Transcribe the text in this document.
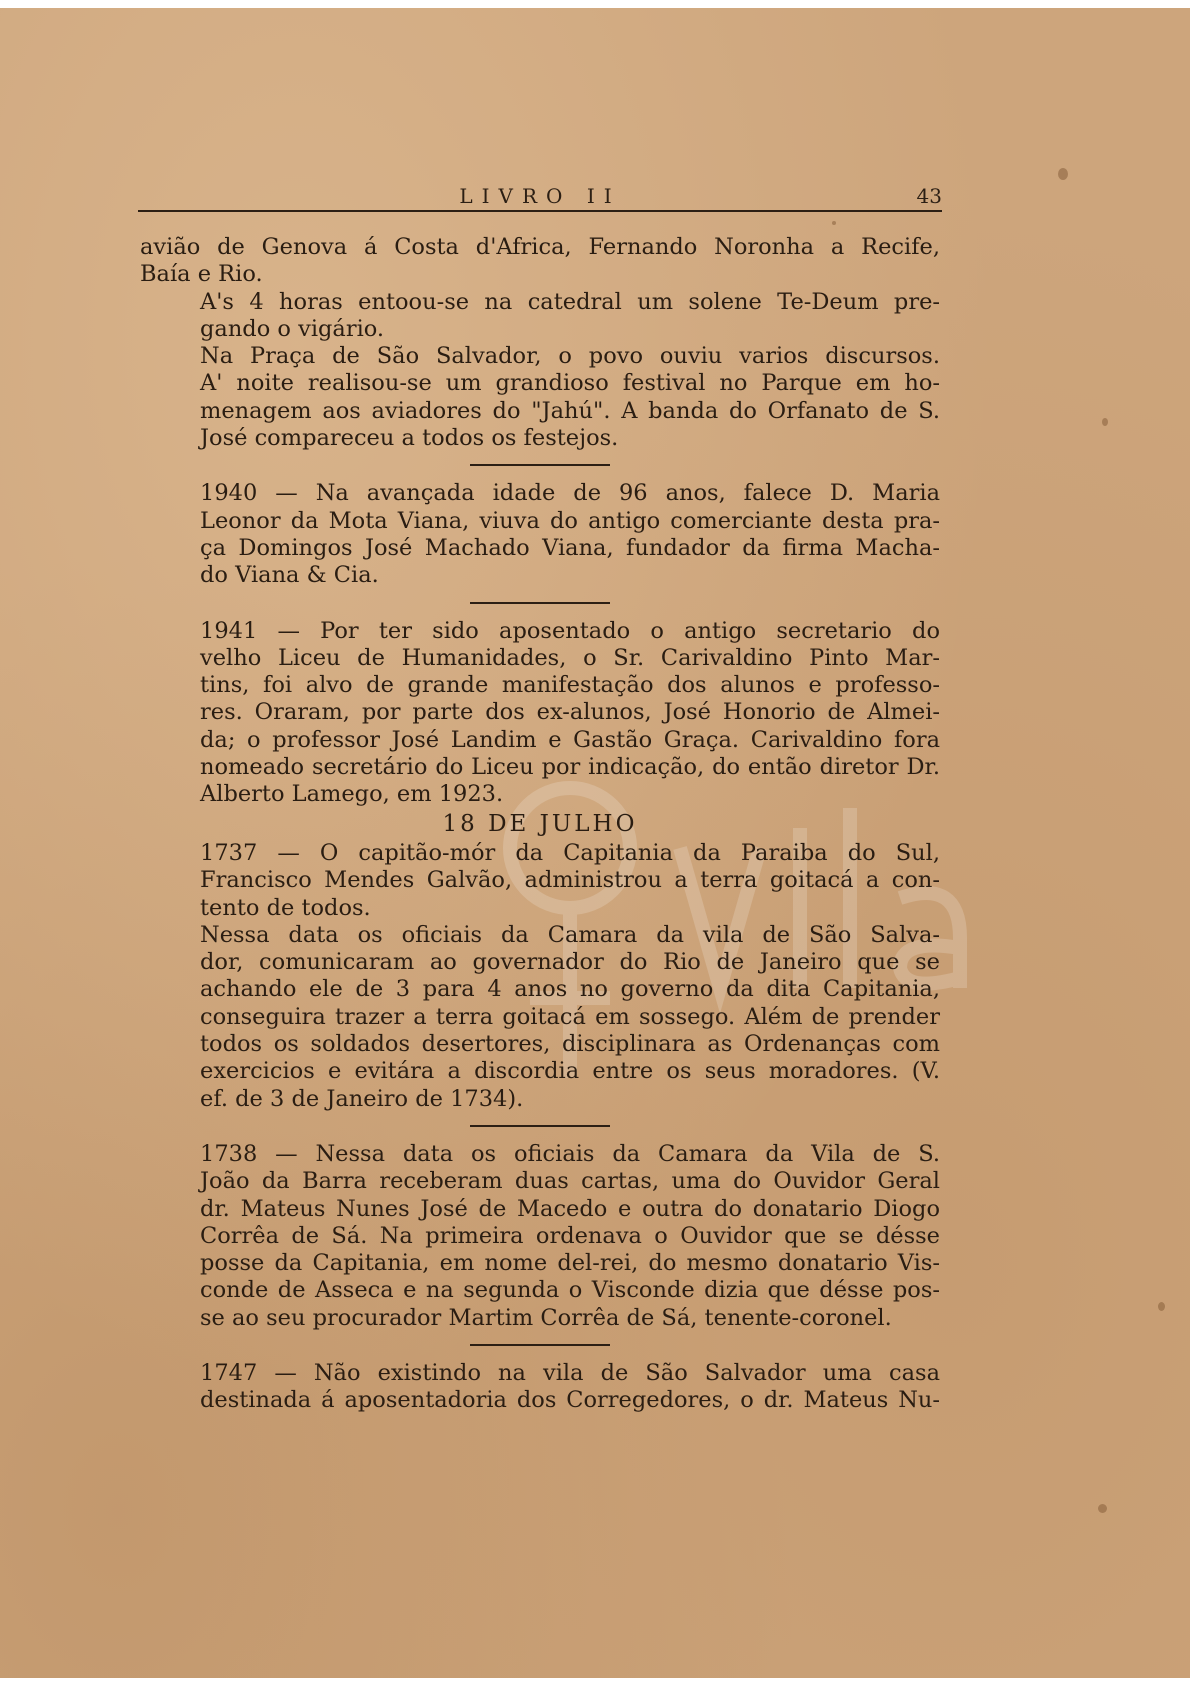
LIVRO II	43

avião de Genova á Costa d'Africa, Fernando Noronha a Recife,
Baía e Rio.

A's 4 horas entoou-se na catedral um solene Te-Deum pre-
gando o vigário.

Na Praça de São Salvador, o povo ouviu varios discursos.
A' noite realisou-se um grandioso festival no Parque em ho-
menagem aos aviadores do "Jahú". A banda do Orfanato de S.
José compareceu a todos os festejos.

1940 — Na avançada idade de 96 anos, falece D. Maria
Leonor da Mota Viana, viuva do antigo comerciante desta pra-
ça Domingos José Machado Viana, fundador da firma Macha-
do Viana & Cia.

1941 — Por ter sido aposentado o antigo secretario do
velho Liceu de Humanidades, o Sr. Carivaldino Pinto Mar-
tins, foi alvo de grande manifestação dos alunos e professo-
res. Oraram, por parte dos ex-alunos, José Honorio de Almei-
da; o professor José Landim e Gastão Graça. Carivaldino fora
nomeado secretário do Liceu por indicação, do então diretor Dr.
Alberto Lamego, em 1923.

18 DE JULHO

1737 — O capitão-mór da Capitania da Paraiba do Sul,
Francisco Mendes Galvão, administrou a terra goitacá a con-
tento de todos.

Nessa data os oficiais da Camara da vila de São Salva-
dor, comunicaram ao governador do Rio de Janeiro que se
achando ele de 3 para 4 anos no governo da dita Capitania,
conseguira trazer a terra goitacá em sossego. Além de prender
todos os soldados desertores, disciplinara as Ordenanças com
exercicios e evitára a discordia entre os seus moradores. (V.
ef. de 3 de Janeiro de 1734).

1738 — Nessa data os oficiais da Camara da Vila de S.
João da Barra receberam duas cartas, uma do Ouvidor Geral
dr. Mateus Nunes José de Macedo e outra do donatario Diogo
Corrêa de Sá. Na primeira ordenava o Ouvidor que se désse
posse da Capitania, em nome del-rei, do mesmo donatario Vis-
conde de Asseca e na segunda o Visconde dizia que désse pos-
se ao seu procurador Martim Corrêa de Sá, tenente-coronel.

1747 — Não existindo na vila de São Salvador uma casa
destinada á aposentadoria dos Corregedores, o dr. Mateus Nu-
